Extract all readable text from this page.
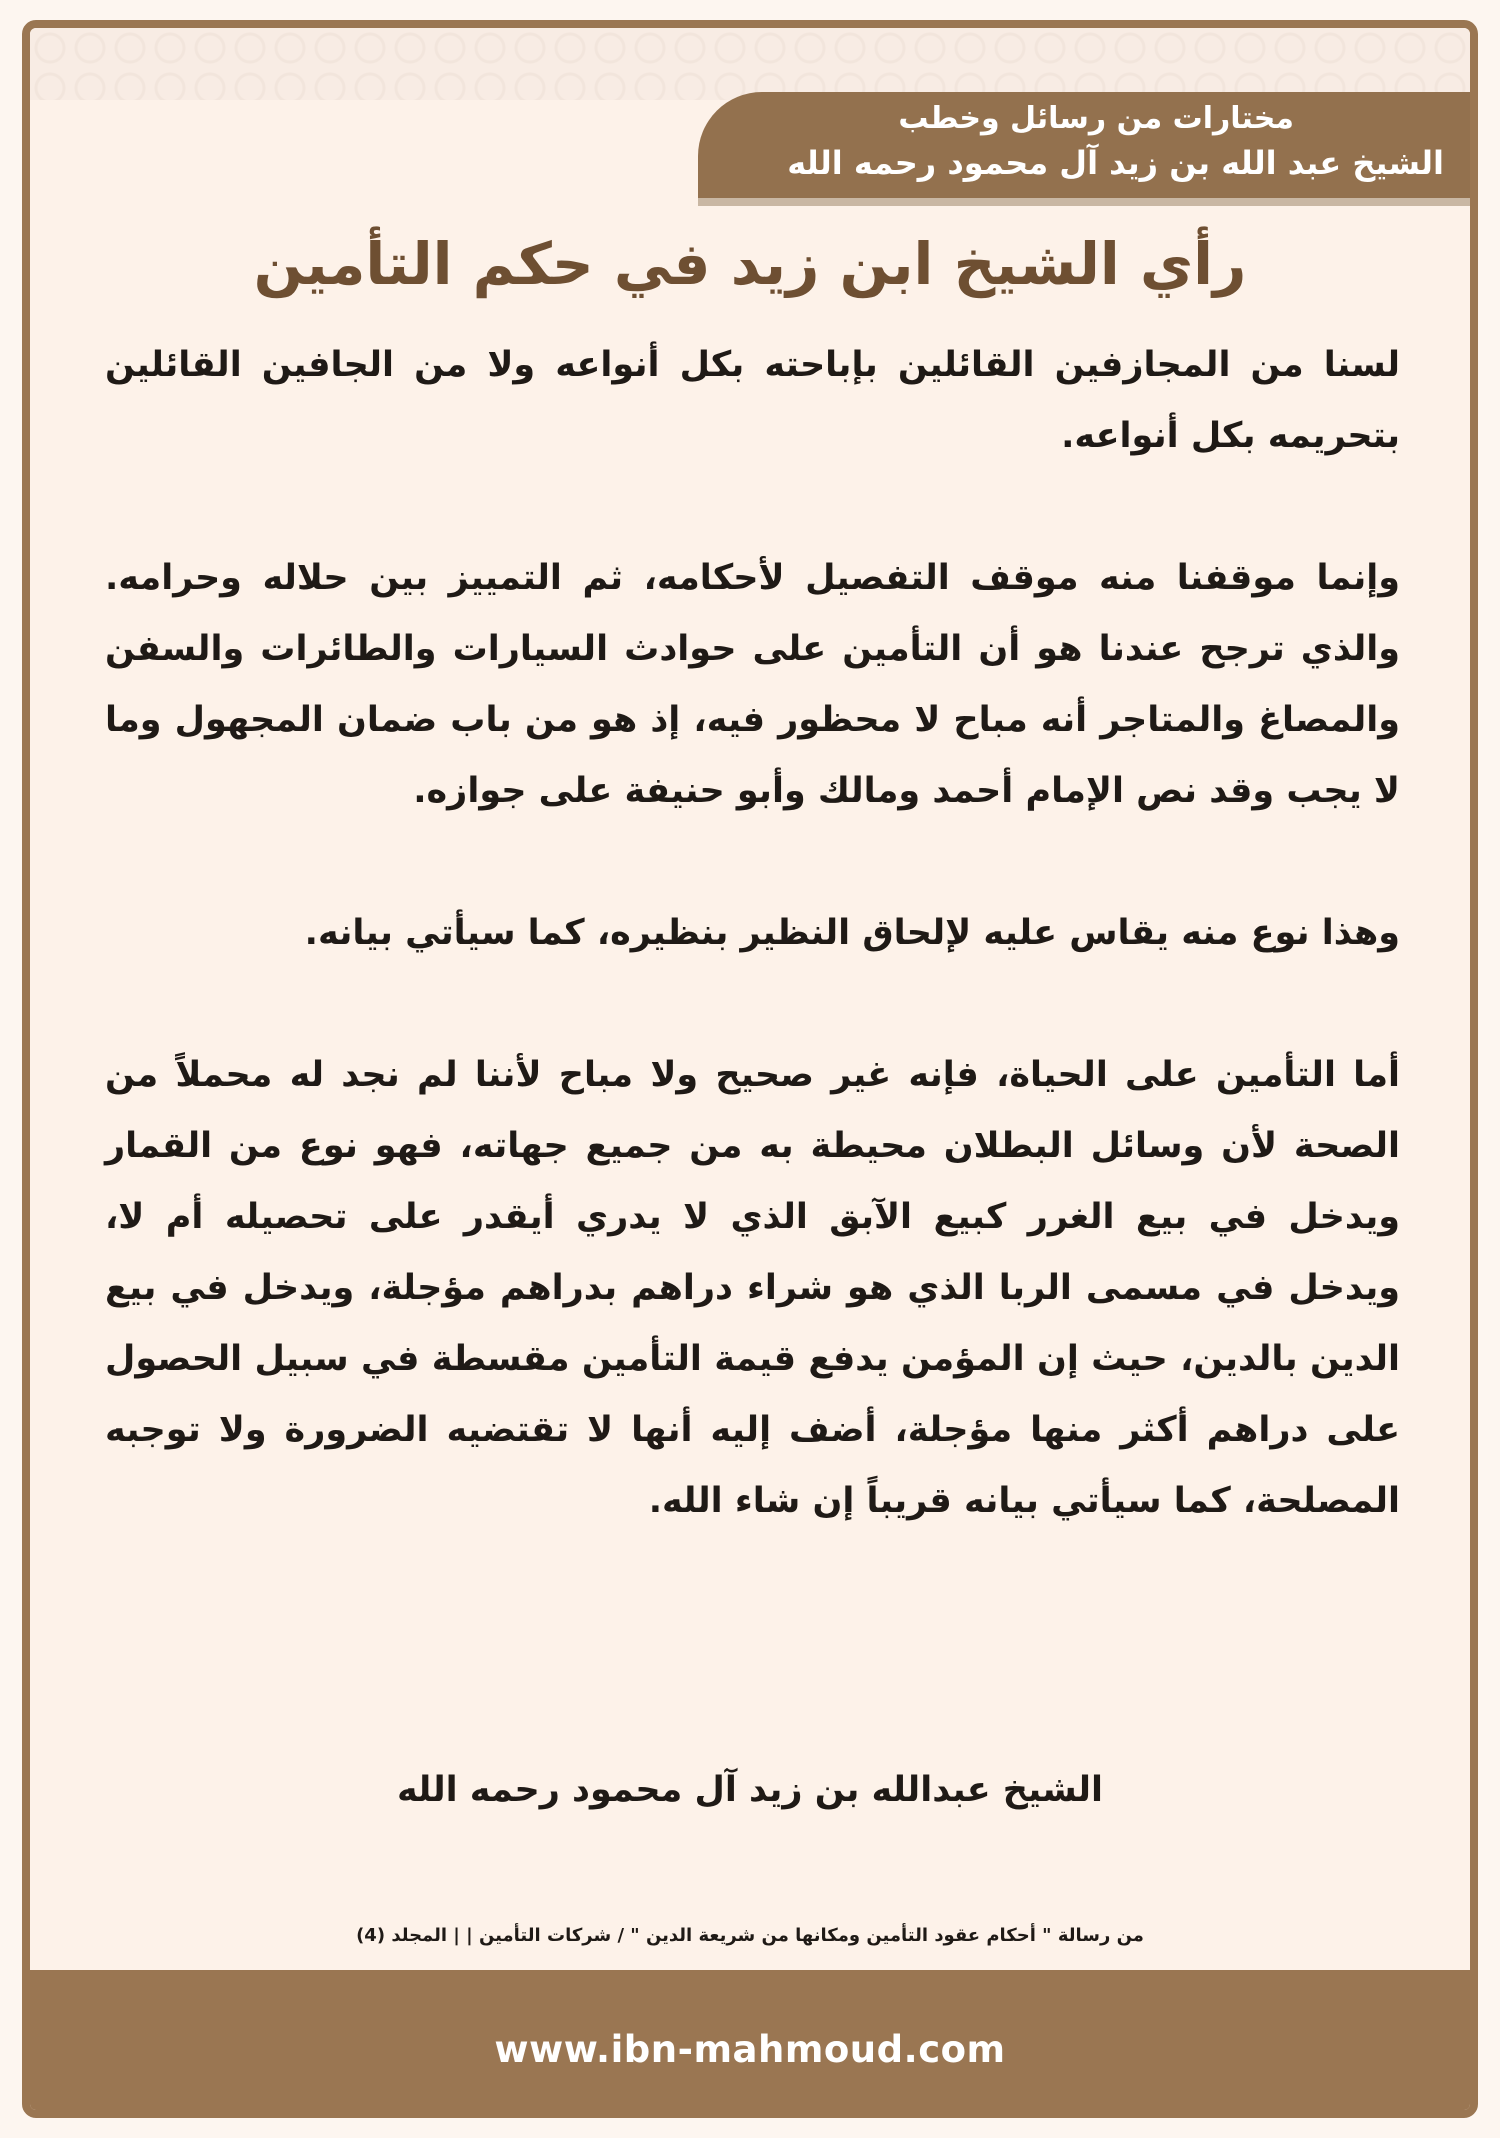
مختارات من رسائل وخطب
الشيخ عبد الله بن زيد آل محمود رحمه الله
رأي الشيخ ابن زيد في حكم التأمين

لسنا من المجازفين القائلين بإباحته بكل أنواعه ولا من الجافين القائلين بتحريمه بكل أنواعه.

وإنما موقفنا منه موقف التفصيل لأحكامه، ثم التمييز بين حلاله وحرامه. والذي ترجح عندنا هو أن التأمين على حوادث السيارات والطائرات والسفن والمصاغ والمتاجر أنه مباح لا محظور فيه، إذ هو من باب ضمان المجهول وما لا يجب وقد نص الإمام أحمد ومالك وأبو حنيفة على جوازه.

وهذا نوع منه يقاس عليه لإلحاق النظير بنظيره، كما سيأتي بيانه.

أما التأمين على الحياة، فإنه غير صحيح ولا مباح لأننا لم نجد له محملاً من الصحة لأن وسائل البطلان محيطة به من جميع جهاته، فهو نوع من القمار ويدخل في بيع الغرر كبيع الآبق الذي لا يدري أيقدر على تحصيله أم لا، ويدخل في مسمى الربا الذي هو شراء دراهم بدراهم مؤجلة، ويدخل في بيع الدين بالدين، حيث إن المؤمن يدفع قيمة التأمين مقسطة في سبيل الحصول على دراهم أكثر منها مؤجلة، أضف إليه أنها لا تقتضيه الضرورة ولا توجبه المصلحة، كما سيأتي بيانه قريباً إن شاء الله.

الشيخ عبدالله بن زيد آل محمود رحمه الله
من رسالة " أحكام عقود التأمين ومكانها من شريعة الدين " / شركات التأمين | | المجلد (4)
www.ibn-mahmoud.com
